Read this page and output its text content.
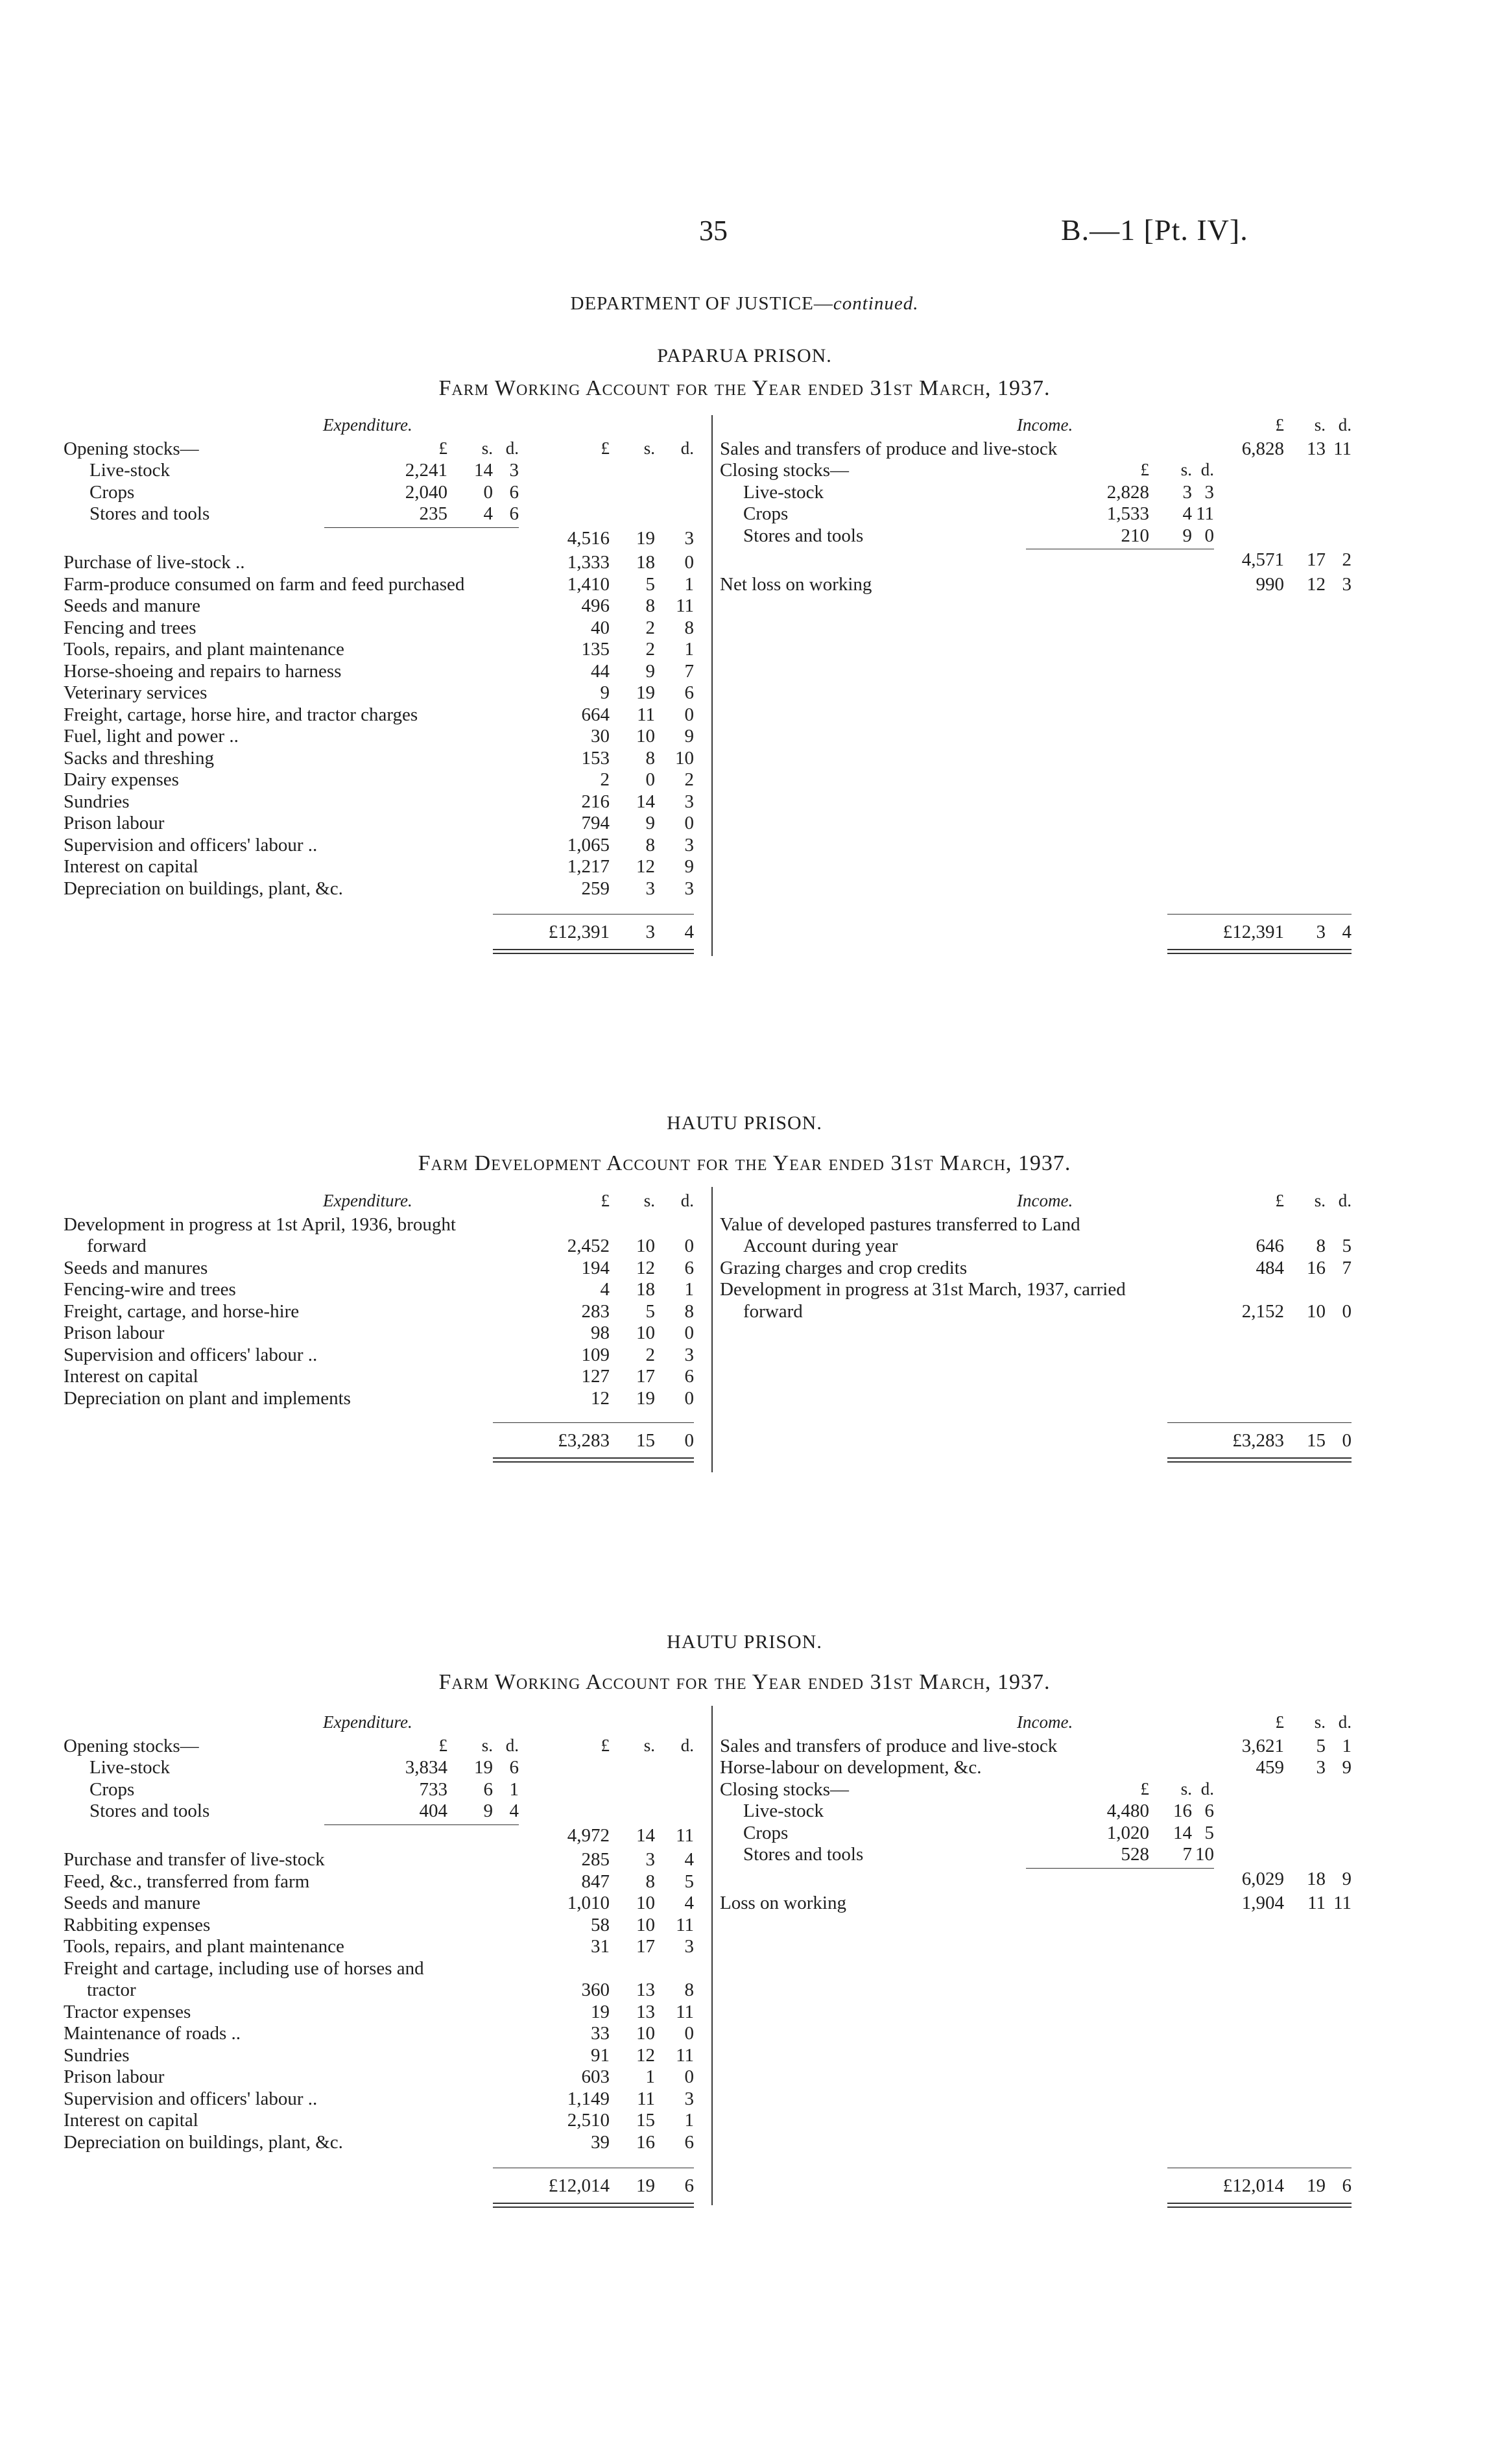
35	B.—1 [Pt. IV].
DEPARTMENT OF JUSTICE—continued.
PAPARUA PRISON.
Farm Working Account for the Year ended 31st March, 1937.
Expenditure.
Opening stocks—	£	s. d.	£	s.	d.
Live-stock	2,241	14 3
Crops	2,040	0 6
Stores and tools	235	4 6
4,516	19	3
Purchase of live-stock ..	1,333	18	0
Farm-produce consumed on farm and feed purchased	1,410	5	1
Seeds and manure	496	8	11
Fencing and trees	40	2	8
Tools, repairs, and plant maintenance	135	2	1
Horse-shoeing and repairs to harness	44	9	7
Veterinary services	9	19	6
Freight, cartage, horse hire, and tractor charges	664	11	0
Fuel, light and power ..	30	10	9
Sacks and threshing	153	8	10
Dairy expenses	2	0	2
Sundries	216	14	3
Prison labour	794	9	0
Supervision and officers' labour ..	1,065	8	3
Interest on capital	1,217	12	9
Depreciation on buildings, plant, &c.	259	3	3
£12,391	3	4
Income.	£	s. d.
Sales and transfers of produce and live-stock	6,828	13 11
Closing stocks—	£	s. d.
Live-stock	2,828	3 3
Crops	1,533	4 11
Stores and tools	210	9 0
4,571	17 2
Net loss on working	990	12 3
£12,391	3 4
HAUTU PRISON.
Farm Development Account for the Year ended 31st March, 1937.
Expenditure.	£	s.	d.
Development in progress at 1st April, 1936, brought
forward	2,452	10	0
Seeds and manures	194	12	6
Fencing-wire and trees	4	18	1
Freight, cartage, and horse-hire	283	5	8
Prison labour	98	10	0
Supervision and officers' labour ..	109	2	3
Interest on capital	127	17	6
Depreciation on plant and implements	12	19	0
£3,283	15	0
Income.	£	s. d.
Value of developed pastures transferred to Land
Account during year	646	8 5
Grazing charges and crop credits	484	16 7
Development in progress at 31st March, 1937, carried
forward	2,152	10 0
£3,283	15 0
HAUTU PRISON.
Farm Working Account for the Year ended 31st March, 1937.
Expenditure.
Opening stocks—	£	s. d.	£	s.	d.
Live-stock	3,834	19 6
Crops	733	6 1
Stores and tools	404	9 4
4,972	14	11
Purchase and transfer of live-stock	285	3	4
Feed, &c., transferred from farm	847	8	5
Seeds and manure	1,010	10	4
Rabbiting expenses	58	10	11
Tools, repairs, and plant maintenance	31	17	3
Freight and cartage, including use of horses and
tractor	360	13	8
Tractor expenses	19	13	11
Maintenance of roads ..	33	10	0
Sundries	91	12	11
Prison labour	603	1	0
Supervision and officers' labour ..	1,149	11	3
Interest on capital	2,510	15	1
Depreciation on buildings, plant, &c.	39	16	6
£12,014	19	6
Income.	£	s. d.
Sales and transfers of produce and live-stock	3,621	5 1
Horse-labour on development, &c.	459	3 9
Closing stocks—	£	s. d.
Live-stock	4,480	16 6
Crops	1,020	14 5
Stores and tools	528	7 10
6,029	18 9
Loss on working	1,904	11 11
£12,014	19 6
